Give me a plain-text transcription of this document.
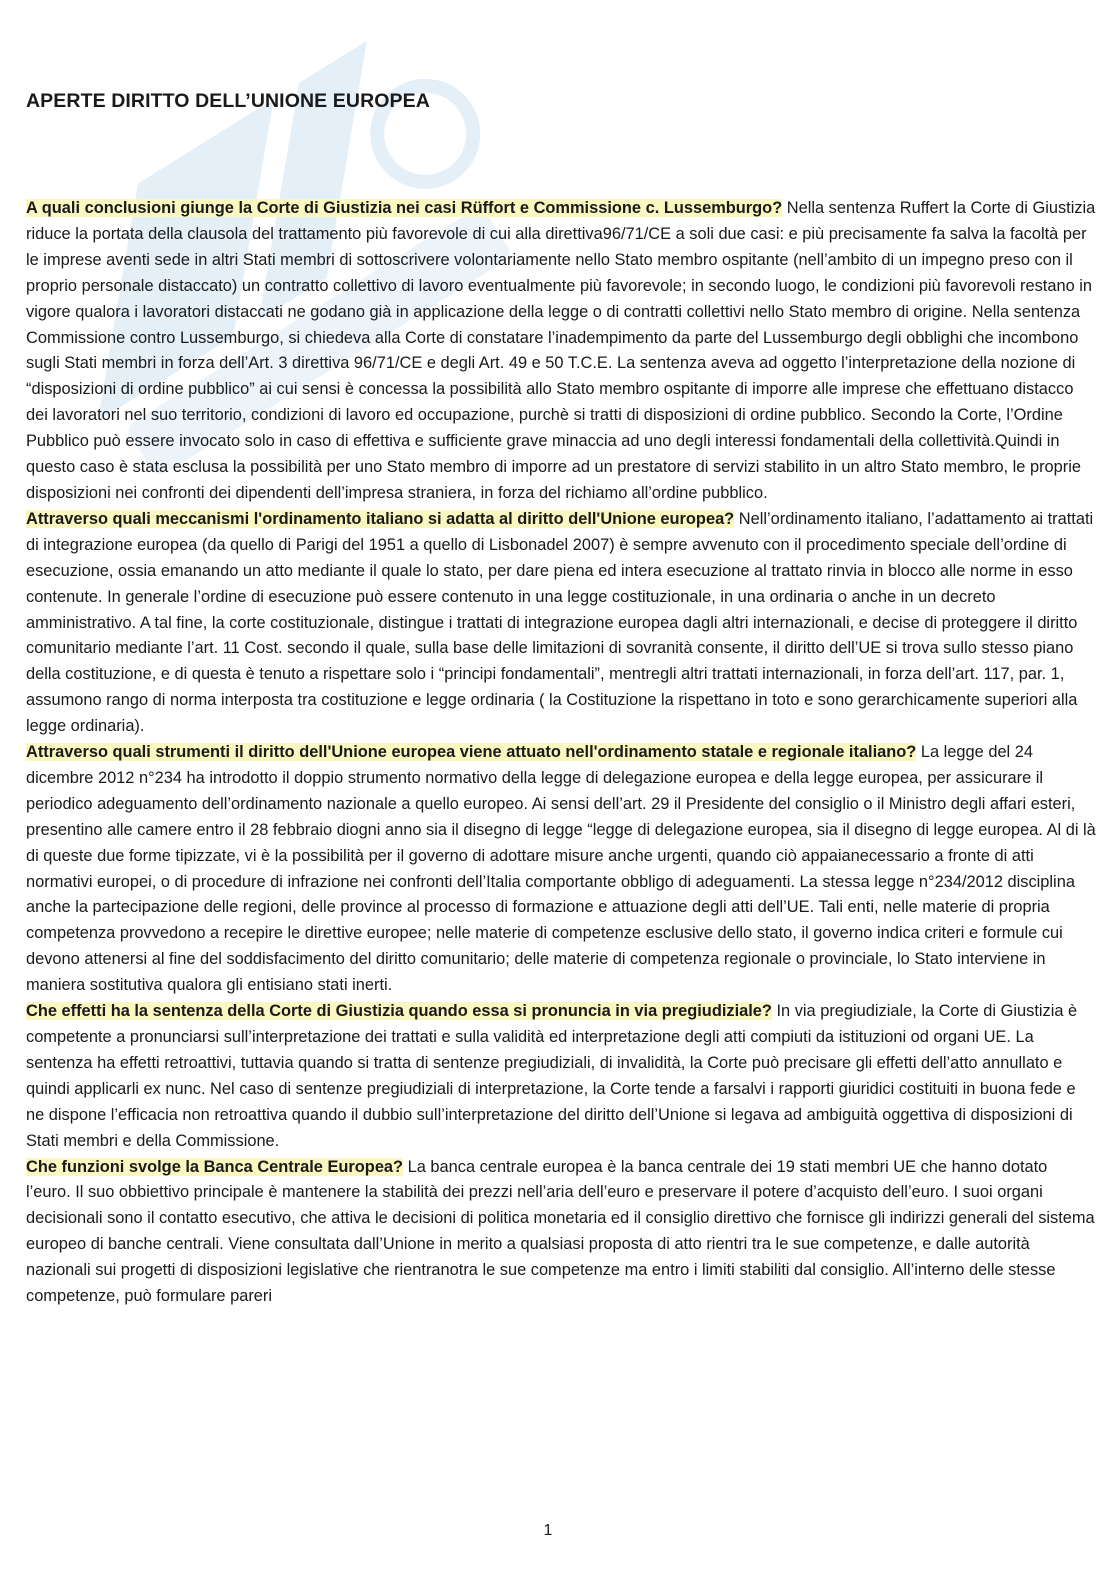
APERTE DIRITTO DELL’UNIONE EUROPEA

A quali conclusioni giunge la Corte di Giustizia nei casi Rüffort e Commissione c. Lussemburgo? Nella sentenza Ruffert la Corte di Giustizia riduce la portata della clausola del trattamento più favorevole di cui alla direttiva96/71/CE a soli due casi: e più precisamente fa salva la facoltà per le imprese aventi sede in altri Stati membri di sottoscrivere volontariamente nello Stato membro ospitante (nell’ambito di un impegno preso con il proprio personale distaccato) un contratto collettivo di lavoro eventualmente più favorevole; in secondo luogo, le condizioni più favorevoli restano in vigore qualora i lavoratori distaccati ne godano già in applicazione della legge o di contratti collettivi nello Stato membro di origine. Nella sentenza Commissione contro Lussemburgo, si chiedeva alla Corte di constatare l’inadempimento da parte del Lussemburgo degli obblighi che incombono sugli Stati membri in forza dell’Art. 3 direttiva 96/71/CE e degli Art. 49 e 50 T.C.E. La sentenza aveva ad oggetto l’interpretazione della nozione di “disposizioni di ordine pubblico” ai cui sensi è concessa la possibilità allo Stato membro ospitante di imporre alle imprese che effettuano distacco dei lavoratori nel suo territorio, condizioni di lavoro ed occupazione, purchè si tratti di disposizioni di ordine pubblico. Secondo la Corte, l’Ordine Pubblico può essere invocato solo in caso di effettiva e sufficiente grave minaccia ad uno degli interessi fondamentali della collettività.Quindi in questo caso è stata esclusa la possibilità per uno Stato membro di imporre ad un prestatore di servizi stabilito in un altro Stato membro, le proprie disposizioni nei confronti dei dipendenti dell’impresa straniera, in forza del richiamo all’ordine pubblico.

Attraverso quali meccanismi l'ordinamento italiano si adatta al diritto dell'Unione europea? Nell’ordinamento italiano, l’adattamento ai trattati di integrazione europea (da quello di Parigi del 1951 a quello di Lisbonadel 2007) è sempre avvenuto con il procedimento speciale dell’ordine di esecuzione, ossia emanando un atto mediante il quale lo stato, per dare piena ed intera esecuzione al trattato rinvia in blocco alle norme in esso contenute. In generale l’ordine di esecuzione può essere contenuto in una legge costituzionale, in una ordinaria o anche in un decreto amministrativo. A tal fine, la corte costituzionale, distingue i trattati di integrazione europea dagli altri internazionali, e decise di proteggere il diritto comunitario mediante l’art. 11 Cost. secondo il quale, sulla base delle limitazioni di sovranità consente, il diritto dell’UE si trova sullo stesso piano della costituzione, e di questa è tenuto a rispettare solo i “principi fondamentali”, mentregli altri trattati internazionali, in forza dell’art. 117, par. 1, assumono rango di norma interposta tra costituzione e legge ordinaria ( la Costituzione la rispettano in toto e sono gerarchicamente superiori alla legge ordinaria).

Attraverso quali strumenti il diritto dell'Unione europea viene attuato nell'ordinamento statale e regionale italiano? La legge del 24 dicembre 2012 n°234 ha introdotto il doppio strumento normativo della legge di delegazione europea e della legge europea, per assicurare il periodico adeguamento dell’ordinamento nazionale a quello europeo. Ai sensi dell’art. 29 il Presidente del consiglio o il Ministro degli affari esteri, presentino alle camere entro il 28 febbraio diogni anno sia il disegno di legge “legge di delegazione europea, sia il disegno di legge europea. Al di là di queste due forme tipizzate, vi è la possibilità per il governo di adottare misure anche urgenti, quando ciò appaianecessario a fronte di atti normativi europei, o di procedure di infrazione nei confronti dell’Italia comportante obbligo di adeguamenti. La stessa legge n°234/2012 disciplina anche la partecipazione delle regioni, delle province al processo di formazione e attuazione degli atti dell’UE. Tali enti, nelle materie di propria competenza provvedono a recepire le direttive europee; nelle materie di competenze esclusive dello stato, il governo indica criteri e formule cui devono attenersi al fine del soddisfacimento del diritto comunitario; delle materie di competenza regionale o provinciale, lo Stato interviene in maniera sostitutiva qualora gli entisiano stati inerti.

Che effetti ha la sentenza della Corte di Giustizia quando essa si pronuncia in via pregiudiziale? In via pregiudiziale, la Corte di Giustizia è competente a pronunciarsi sull’interpretazione dei trattati e sulla validità ed interpretazione degli atti compiuti da istituzioni od organi UE. La sentenza ha effetti retroattivi, tuttavia quando si tratta di sentenze pregiudiziali, di invalidità, la Corte può precisare gli effetti dell’atto annullato e quindi applicarli ex nunc. Nel caso di sentenze pregiudiziali di interpretazione, la Corte tende a farsalvi i rapporti giuridici costituiti in buona fede e ne dispone l’efficacia non retroattiva quando il dubbio sull’interpretazione del diritto dell’Unione si legava ad ambiguità oggettiva di disposizioni di Stati membri e della Commissione.

Che funzioni svolge la Banca Centrale Europea? La banca centrale europea è la banca centrale dei 19 stati membri UE che hanno dotato l’euro. Il suo obbiettivo principale è mantenere la stabilità dei prezzi nell’aria dell’euro e preservare il potere d’acquisto dell’euro. I suoi organi decisionali sono il contatto esecutivo, che attiva le decisioni di politica monetaria ed il consiglio direttivo che fornisce gli indirizzi generali del sistema europeo di banche centrali. Viene consultata dall’Unione in merito a qualsiasi proposta di atto rientri tra le sue competenze, e dalle autorità nazionali sui progetti di disposizioni legislative che rientranotra le sue competenze ma entro i limiti stabiliti dal consiglio. All’interno delle stesse competenze, può formulare pareri

1
